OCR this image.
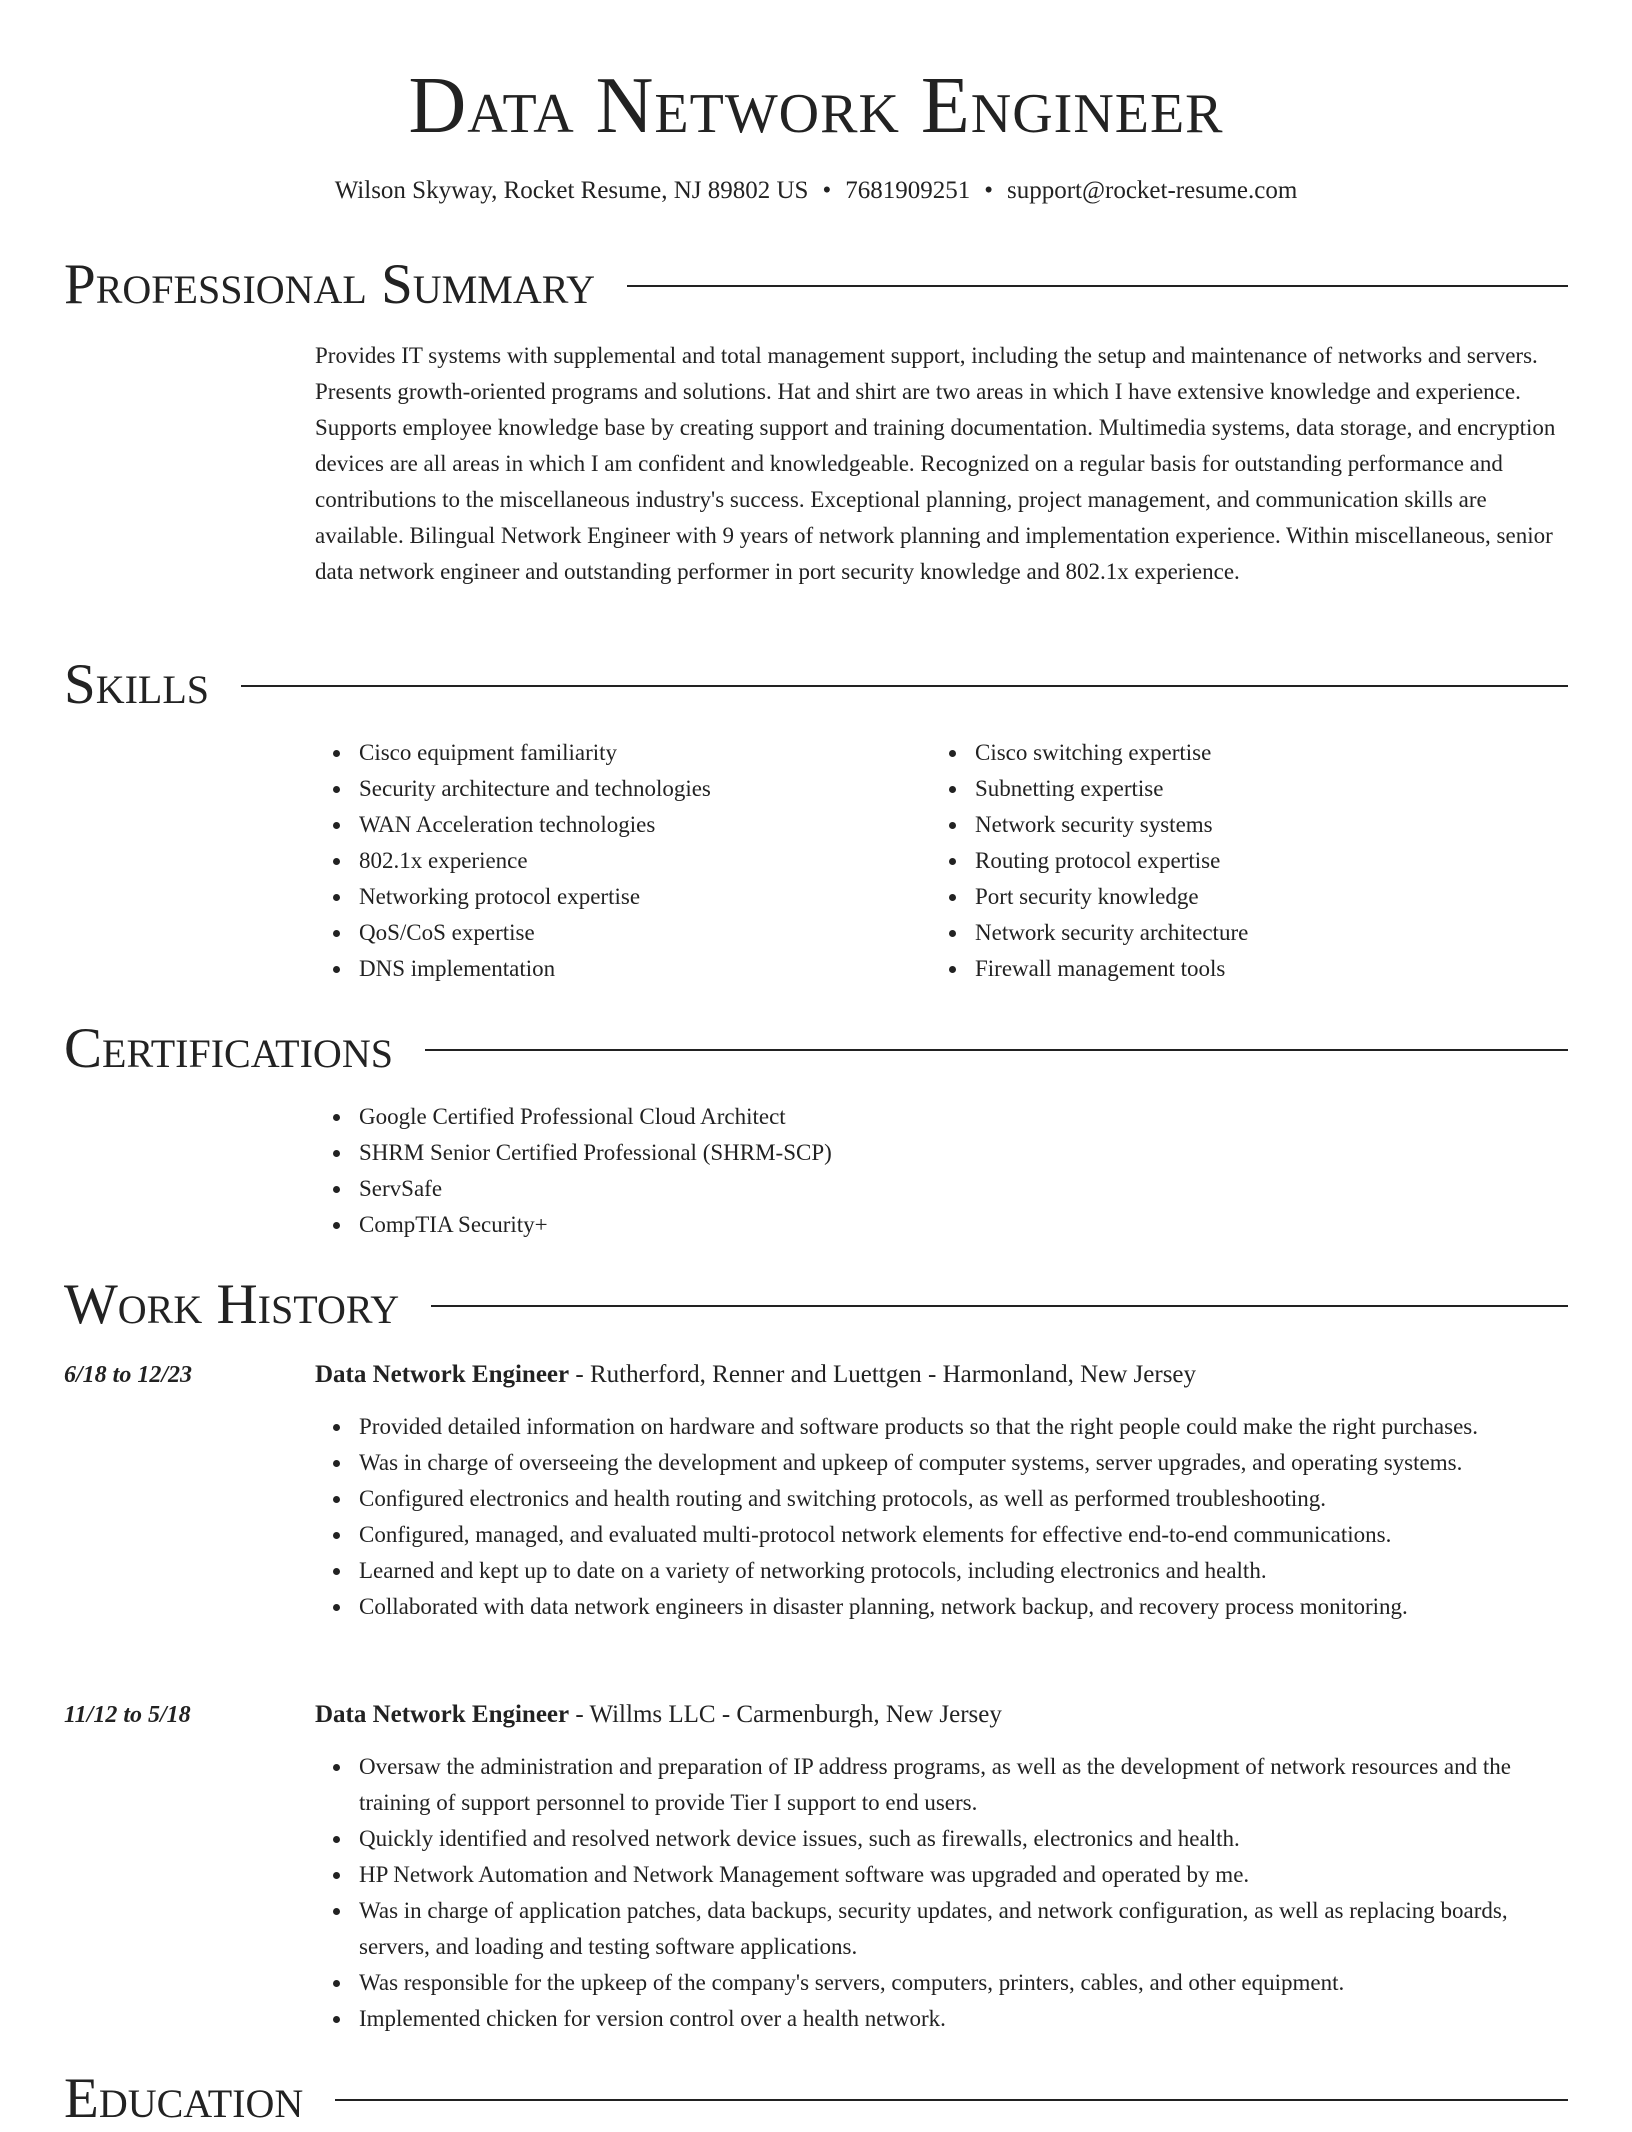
Data Network Engineer
Wilson Skyway, Rocket Resume, NJ 89802 US • 7681909251 • support@rocket-resume.com
Professional Summary

Provides IT systems with supplemental and total management support, including the setup and maintenance of networks and servers. Presents growth-oriented programs and solutions. Hat and shirt are two areas in which I have extensive knowledge and experience. Supports employee knowledge base by creating support and training documentation. Multimedia systems, data storage, and encryption devices are all areas in which I am confident and knowledgeable. Recognized on a regular basis for outstanding performance and contributions to the miscellaneous industry's success. Exceptional planning, project management, and communication skills are available. Bilingual Network Engineer with 9 years of network planning and implementation experience. Within miscellaneous, senior data network engineer and outstanding performer in port security knowledge and 802.1x experience.

Skills
Cisco equipment familiarity
Security architecture and technologies
WAN Acceleration technologies
802.1x experience
Networking protocol expertise
QoS/CoS expertise
DNS implementation
Cisco switching expertise
Subnetting expertise
Network security systems
Routing protocol expertise
Port security knowledge
Network security architecture
Firewall management tools
Certifications
Google Certified Professional Cloud Architect
SHRM Senior Certified Professional (SHRM-SCP)
ServSafe
CompTIA Security+
Work History
6/18 to 12/23	Data Network Engineer - Rutherford, Renner and Luettgen - Harmonland, New Jersey
Provided detailed information on hardware and software products so that the right people could make the right purchases.
Was in charge of overseeing the development and upkeep of computer systems, server upgrades, and operating systems.
Configured electronics and health routing and switching protocols, as well as performed troubleshooting.
Configured, managed, and evaluated multi-protocol network elements for effective end-to-end communications.
Learned and kept up to date on a variety of networking protocols, including electronics and health.
Collaborated with data network engineers in disaster planning, network backup, and recovery process monitoring.
11/12 to 5/18	Data Network Engineer - Willms LLC - Carmenburgh, New Jersey
Oversaw the administration and preparation of IP address programs, as well as the development of network resources and the training of support personnel to provide Tier I support to end users.
Quickly identified and resolved network device issues, such as firewalls, electronics and health.
HP Network Automation and Network Management software was upgraded and operated by me.
Was in charge of application patches, data backups, security updates, and network configuration, as well as replacing boards, servers, and loading and testing software applications.
Was responsible for the upkeep of the company's servers, computers, printers, cables, and other equipment.
Implemented chicken for version control over a health network.
Education
